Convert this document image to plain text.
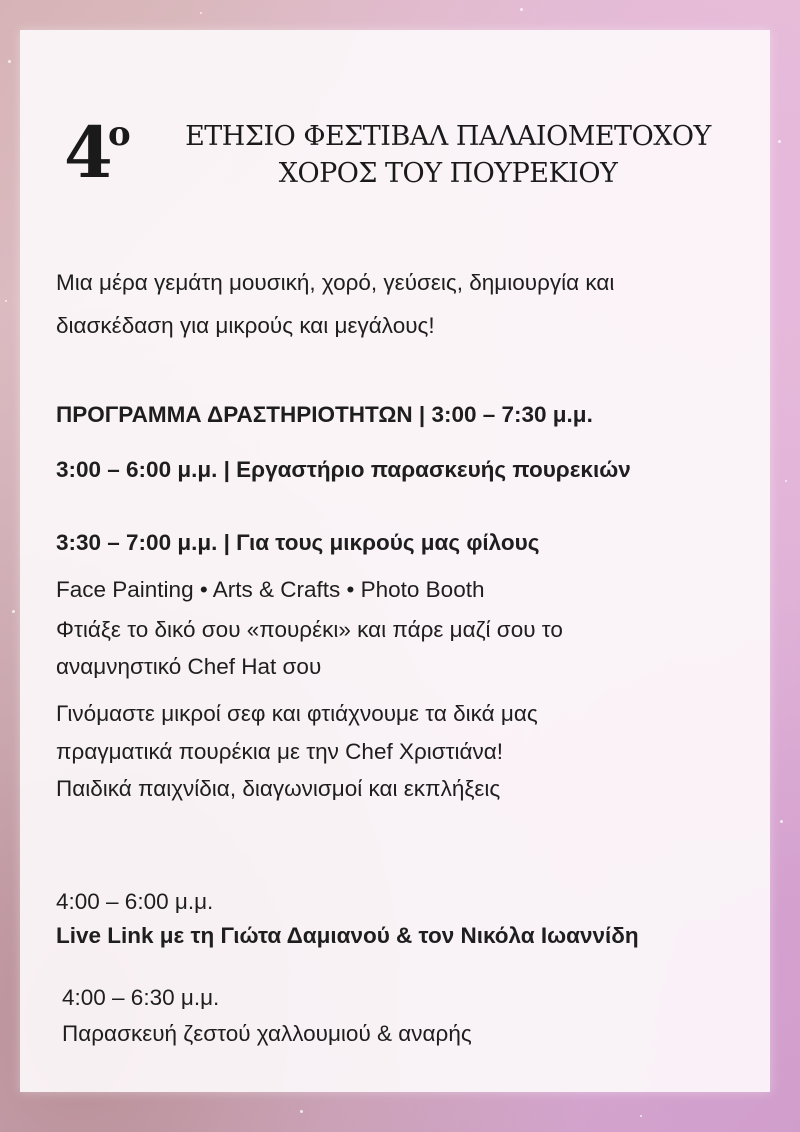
4
ο	ΕΤΗΣΙΟ ΦΕΣΤΙΒΑΛ ΠΑΛΑΙΟΜΕΤΟΧΟΥ
ΧΟΡΟΣ ΤΟΥ ΠΟΥΡΕΚΙΟΥ

Μια μέρα γεμάτη μουσική, χορό, γεύσεις, δημιουργία και

διασκέδαση για μικρούς και μεγάλους!

ΠΡΟΓΡΑΜΜΑ ΔΡΑΣΤΗΡΙΟΤΗΤΩΝ | 3:00 – 7:30 μ.μ.

3:00 – 6:00 μ.μ. | Εργαστήριο παρασκευής πουρεκιών

3:30 – 7:00 μ.μ. | Για τους μικρούς μας φίλους

Face Painting • Arts & Crafts • Photo Booth

Φτιάξε το δικό σου «πουρέκι» και πάρε μαζί σου το

αναμνηστικό Chef Hat σου

Γινόμαστε μικροί σεφ και φτιάχνουμε τα δικά μας

πραγματικά πουρέκια με την Chef Χριστιάνα!

Παιδικά παιχνίδια, διαγωνισμοί και εκπλήξεις

4:00 – 6:00 μ.μ.

Live Link με τη Γιώτα Δαμιανού & τον Νικόλα Ιωαννίδη

4:00 – 6:30 μ.μ.

Παρασκευή ζεστού χαλλουμιού & αναρής
